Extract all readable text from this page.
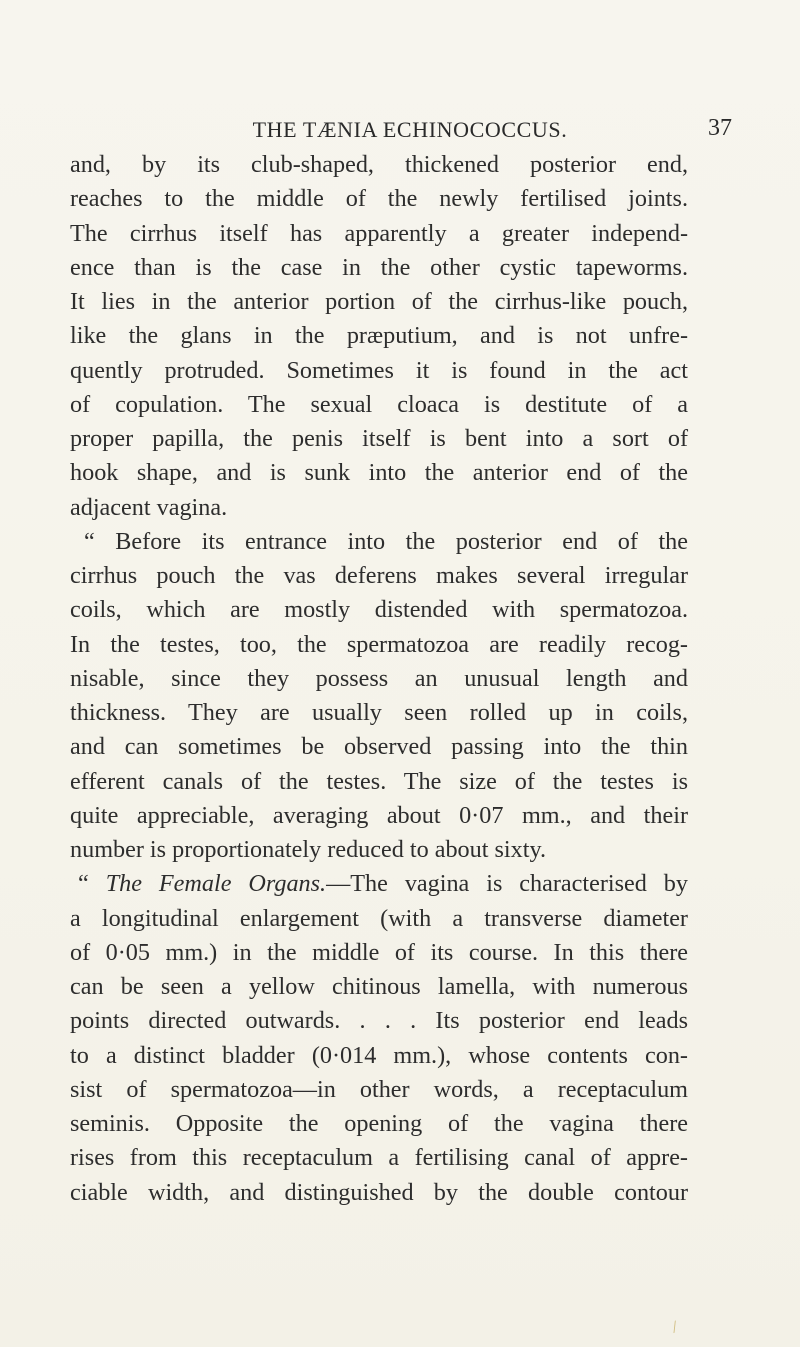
THE TÆNIA ECHINOCOCCUS.	37
and, by its club-shaped, thickened posterior end,
reaches to the middle of the newly fertilised joints.
The cirrhus itself has apparently a greater independ-
ence than is the case in the other cystic tapeworms.
It lies in the anterior portion of the cirrhus-like pouch,
like the glans in the præputium, and is not unfre-
quently protruded. Sometimes it is found in the act
of copulation. The sexual cloaca is destitute of a
proper papilla, the penis itself is bent into a sort of
hook shape, and is sunk into the anterior end of the
adjacent vagina.
“ Before its entrance into the posterior end of the
cirrhus pouch the vas deferens makes several irregular
coils, which are mostly distended with spermatozoa.
In the testes, too, the spermatozoa are readily recog-
nisable, since they possess an unusual length and
thickness. They are usually seen rolled up in coils,
and can sometimes be observed passing into the thin
efferent canals of the testes. The size of the testes is
quite appreciable, averaging about 0·07 mm., and their
number is proportionately reduced to about sixty.
“ The Female Organs.—The vagina is characterised by
a longitudinal enlargement (with a transverse diameter
of 0·05 mm.) in the middle of its course. In this there
can be seen a yellow chitinous lamella, with numerous
points directed outwards. . . . Its posterior end leads
to a distinct bladder (0·014 mm.), whose contents con-
sist of spermatozoa—in other words, a receptaculum
seminis. Opposite the opening of the vagina there
rises from this receptaculum a fertilising canal of appre-
ciable width, and distinguished by the double contour
⁄
